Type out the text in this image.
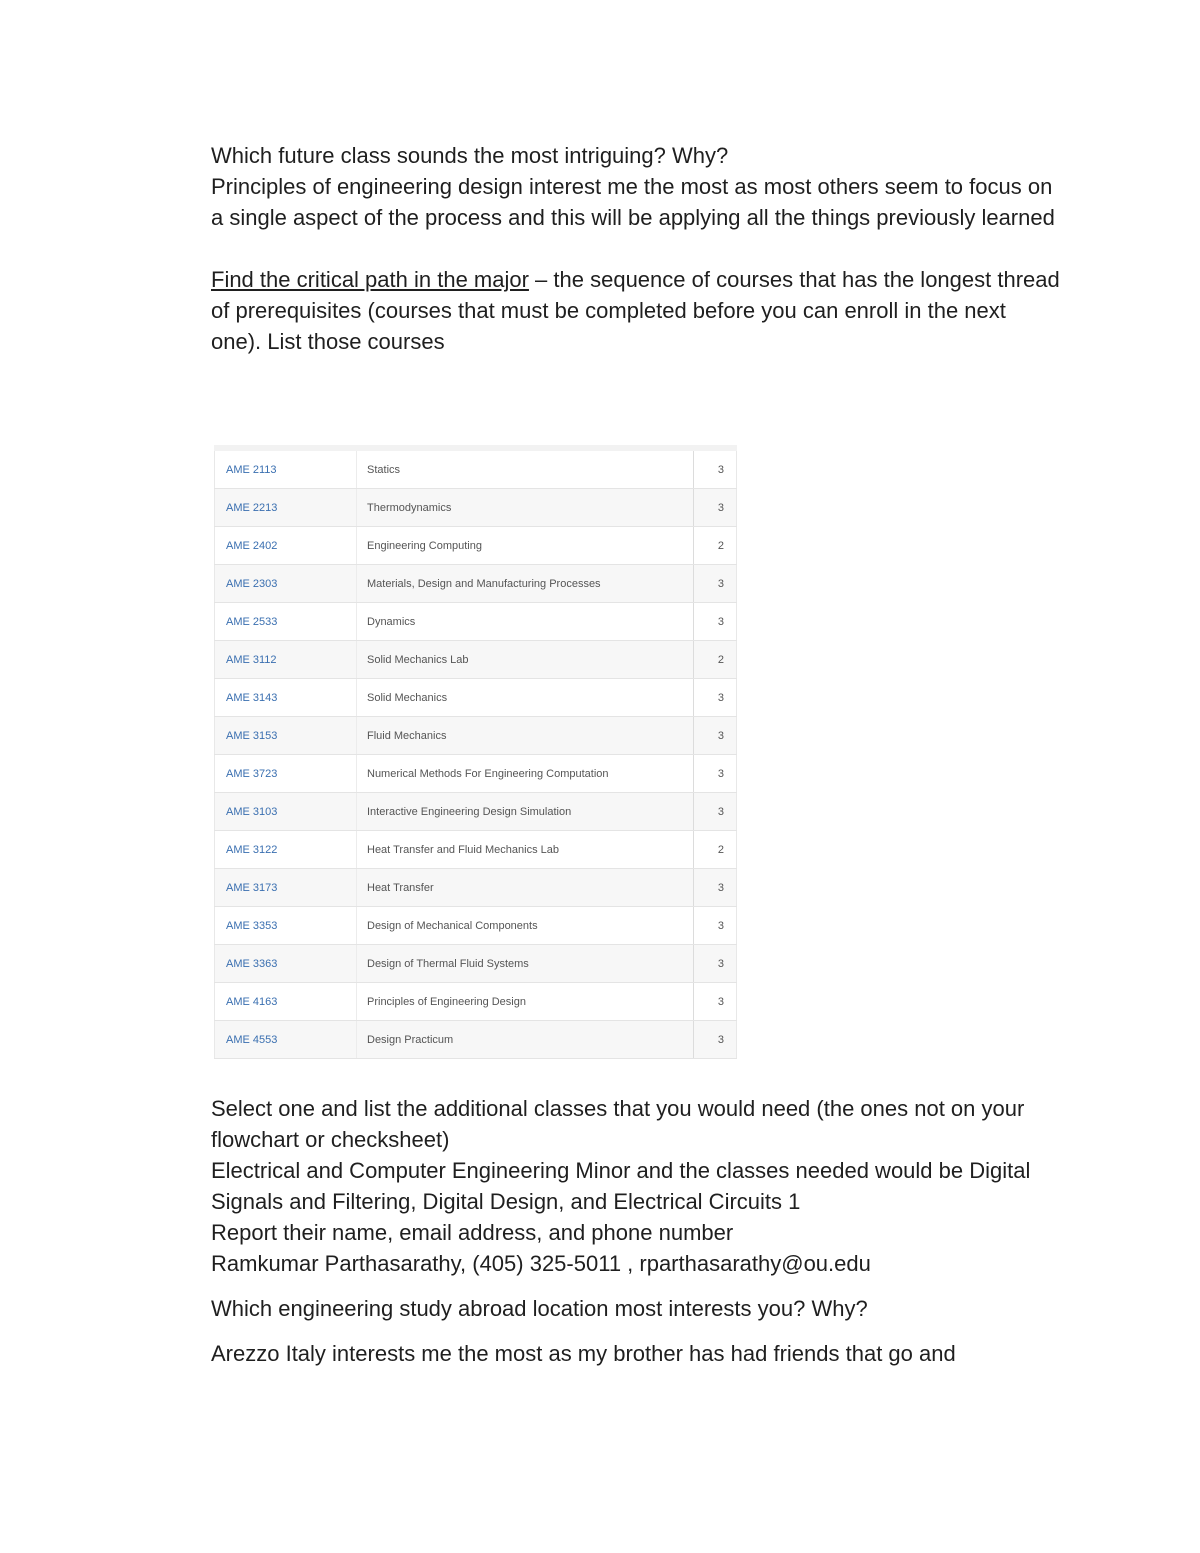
Which future class sounds the most intriguing? Why?

Principles of engineering design interest me the most as most others seem to focus on a single aspect of the process and this will be applying all the things previously learned

Find the critical path in the major – the sequence of courses that has the longest thread of prerequisites (courses that must be completed before you can enroll in the next one). List those courses

AME 2113	Statics	3
AME 2213	Thermodynamics	3
AME 2402	Engineering Computing	2
AME 2303	Materials, Design and Manufacturing Processes	3
AME 2533	Dynamics	3
AME 3112	Solid Mechanics Lab	2
AME 3143	Solid Mechanics	3
AME 3153	Fluid Mechanics	3
AME 3723	Numerical Methods For Engineering Computation	3
AME 3103	Interactive Engineering Design Simulation	3
AME 3122	Heat Transfer and Fluid Mechanics Lab	2
AME 3173	Heat Transfer	3
AME 3353	Design of Mechanical Components	3
AME 3363	Design of Thermal Fluid Systems	3
AME 4163	Principles of Engineering Design	3
AME 4553	Design Practicum	3

Select one and list the additional classes that you would need (the ones not on your flowchart or checksheet)

Electrical and Computer Engineering Minor and the classes needed would be Digital Signals and Filtering, Digital Design, and Electrical Circuits 1

Report their name, email address, and phone number

Ramkumar Parthasarathy, (405) 325-5011 , rparthasarathy@ou.edu

Which engineering study abroad location most interests you? Why?

Arezzo Italy interests me the most as my brother has had friends that go and
